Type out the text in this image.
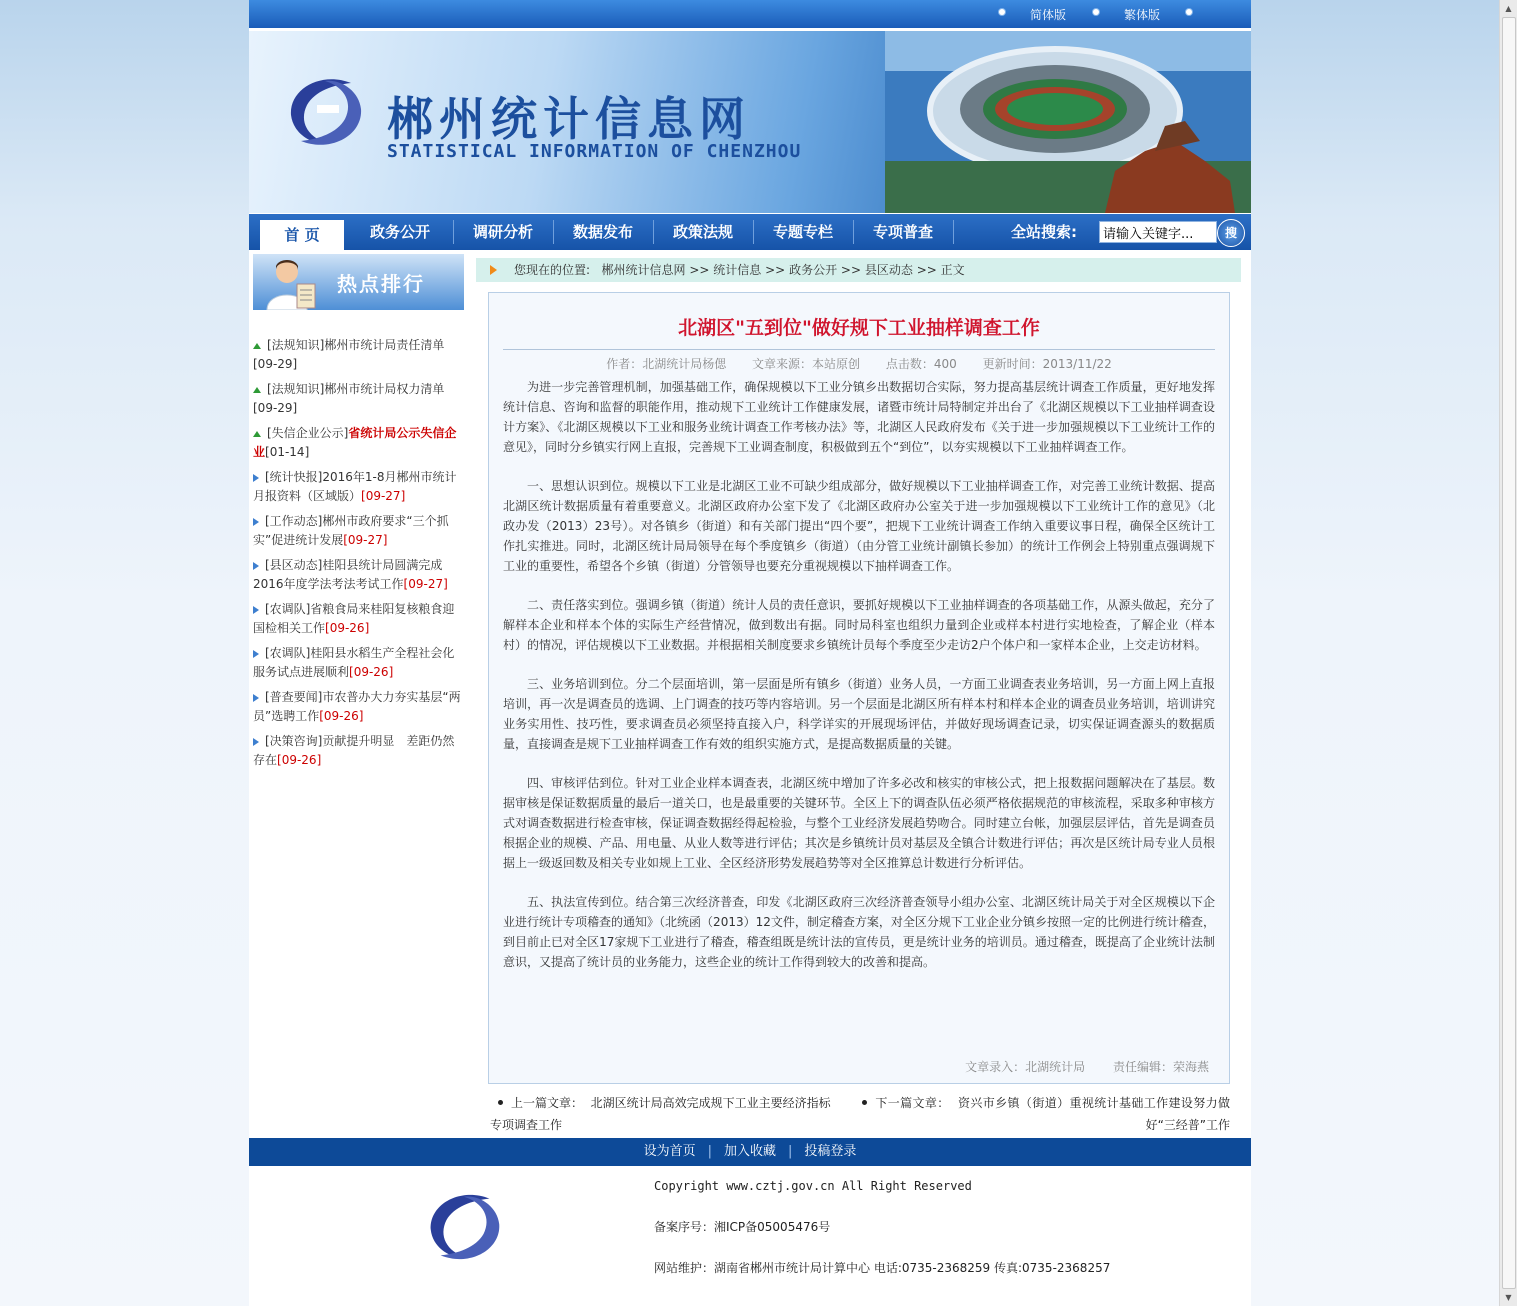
简体版	繁体版
郴州统计信息网
STATISTICAL INFORMATION OF CHENZHOU
首 页	政务公开	调研分析	数据发布	政策法规	专题专栏	专项普查	全站搜索:
请输入关键字...	搜
热点排行
[法规知识]郴州市统计局责任清单[09-29]
[法规知识]郴州市统计局权力清单[09-29]
[失信企业公示]省统计局公示失信企业[01-14]
[统计快报]2016年1-8月郴州市统计月报资料（区域版）[09-27]
[工作动态]郴州市政府要求“三个抓实”促进统计发展[09-27]
[县区动态]桂阳县统计局圆满完成2016年度学法考法考试工作[09-27]
[农调队]省粮食局来桂阳复核粮食迎国检相关工作[09-26]
[农调队]桂阳县水稻生产全程社会化服务试点进展顺利[09-26]
[普查要闻]市农普办大力夯实基层“两员”选聘工作[09-26]
[决策咨询]贡献提升明显　差距仍然存在[09-26]
您现在的位置: 郴州统计信息网 >> 统计信息 >> 政务公开 >> 县区动态 >> 正文
北湖区"五到位"做好规下工业抽样调查工作
作者：北湖统计局杨偲 文章来源：本站原创 点击数：400 更新时间：2013/11/22

为进一步完善管理机制，加强基础工作，确保规模以下工业分镇乡出数据切合实际，努力提高基层统计调查工作质量，更好地发挥统计信息、咨询和监督的职能作用，推动规下工业统计工作健康发展，诸暨市统计局特制定并出台了《北湖区规模以下工业抽样调查设计方案》、《北湖区规模以下工业和服务业统计调查工作考核办法》等，北湖区人民政府发布《关于进一步加强规模以下工业统计工作的意见》，同时分乡镇实行网上直报，完善规下工业调查制度，积极做到五个“到位”，以夯实规模以下工业抽样调查工作。

一、思想认识到位。规模以下工业是北湖区工业不可缺少组成部分，做好规模以下工业抽样调查工作，对完善工业统计数据、提高北湖区统计数据质量有着重要意义。北湖区政府办公室下发了《北湖区政府办公室关于进一步加强规模以下工业统计工作的意见》（北政办发（2013）23号）。对各镇乡（街道）和有关部门提出“四个要”，把规下工业统计调查工作纳入重要议事日程，确保全区统计工作扎实推进。同时，北湖区统计局局领导在每个季度镇乡（街道）（由分管工业统计副镇长参加）的统计工作例会上特别重点强调规下工业的重要性，希望各个乡镇（街道）分管领导也要充分重视规模以下抽样调查工作。

二、责任落实到位。强调乡镇（街道）统计人员的责任意识，要抓好规模以下工业抽样调查的各项基础工作，从源头做起，充分了解样本企业和样本个体的实际生产经营情况，做到数出有据。同时局科室也组织力量到企业或样本村进行实地检查，了解企业（样本村）的情况，评估规模以下工业数据。并根据相关制度要求乡镇统计员每个季度至少走访2户个体户和一家样本企业，上交走访材料。

三、业务培训到位。分二个层面培训，第一层面是所有镇乡（街道）业务人员，一方面工业调查表业务培训，另一方面上网上直报培训，再一次是调查员的选调、上门调查的技巧等内容培训。另一个层面是北湖区所有样本村和样本企业的调查员业务培训，培训讲究业务实用性、技巧性，要求调查员必须坚持直接入户，科学详实的开展现场评估，并做好现场调查记录，切实保证调查源头的数据质量，直接调查是规下工业抽样调查工作有效的组织实施方式，是提高数据质量的关键。

四、审核评估到位。针对工业企业样本调查表，北湖区统中增加了许多必改和核实的审核公式，把上报数据问题解决在了基层。数据审核是保证数据质量的最后一道关口，也是最重要的关键环节。全区上下的调查队伍必须严格依据规范的审核流程，采取多种审核方式对调查数据进行检查审核，保证调查数据经得起检验，与整个工业经济发展趋势吻合。同时建立台帐，加强层层评估，首先是调查员根据企业的规模、产品、用电量、从业人数等进行评估；其次是乡镇统计员对基层及全镇合计数进行评估；再次是区统计局专业人员根据上一级返回数及相关专业如规上工业、全区经济形势发展趋势等对全区推算总计数进行分析评估。

五、执法宣传到位。结合第三次经济普查，印发《北湖区政府三次经济普查领导小组办公室、北湖区统计局关于对全区规模以下企业进行统计专项稽查的通知》（北统函（2013）12文件，制定稽查方案，对全区分规下工业企业分镇乡按照一定的比例进行统计稽查，到目前止已对全区17家规下工业进行了稽查，稽查组既是统计法的宣传员，更是统计业务的培训员。通过稽查，既提高了企业统计法制意识，又提高了统计员的业务能力，这些企业的统计工作得到较大的改善和提高。

文章录入：北湖统计局 责任编辑：荣海燕
上一篇文章： 北湖区统计局高效完成规下工业主要经济指标专项调查工作
下一篇文章： 资兴市乡镇（街道）重视统计基础工作建设努力做好“三经普”工作
设为首页 | 加入收藏 | 投稿登录
Copyright www.cztj.gov.cn All Right Reserved
备案序号：湘ICP备05005476号
网站维护：湖南省郴州市统计局计算中心 电话:0735-2368259 传真:0735-2368257
▲
▼
